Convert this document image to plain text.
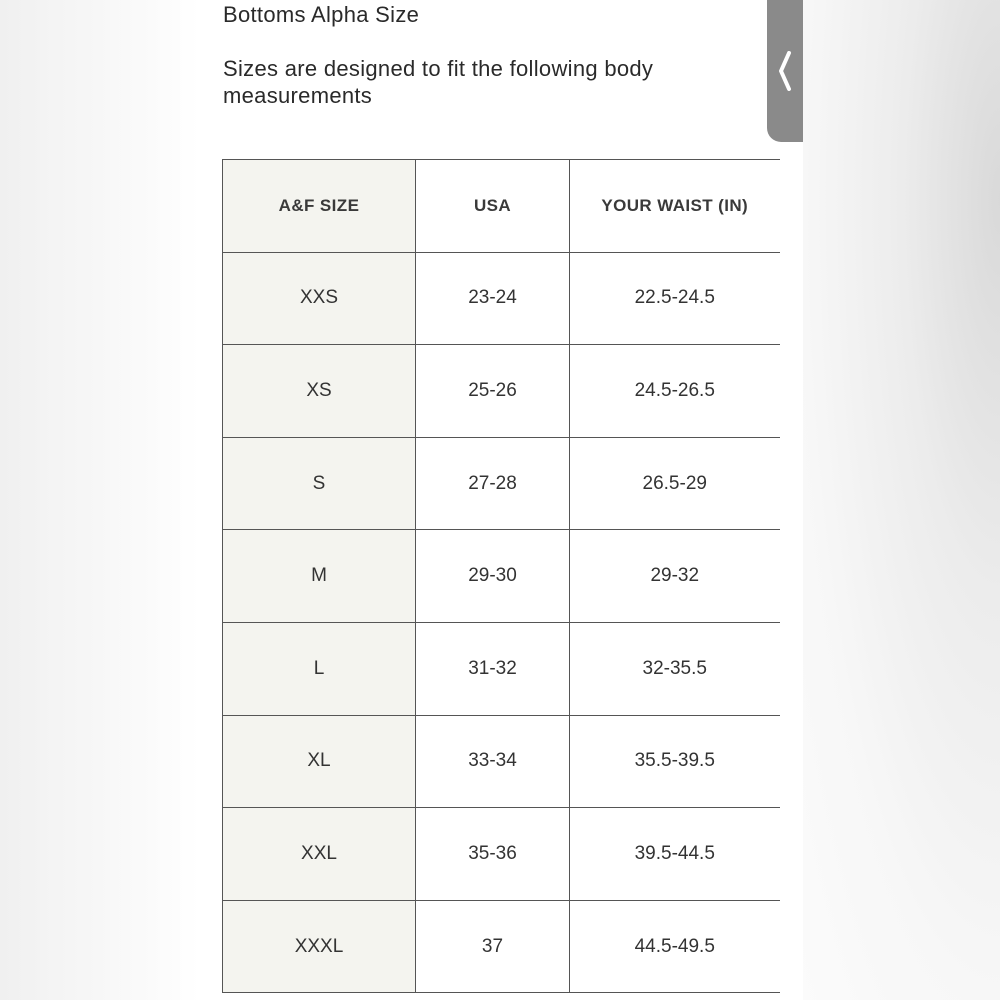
Bottoms Alpha Size
Sizes are designed to fit the following body measurements
A&F SIZE	USA	YOUR WAIST (IN)
XXS	23-24	22.5-24.5
XS	25-26	24.5-26.5
S	27-28	26.5-29
M	29-30	29-32
L	31-32	32-35.5
XL	33-34	35.5-39.5
XXL	35-36	39.5-44.5
XXXL	37	44.5-49.5
